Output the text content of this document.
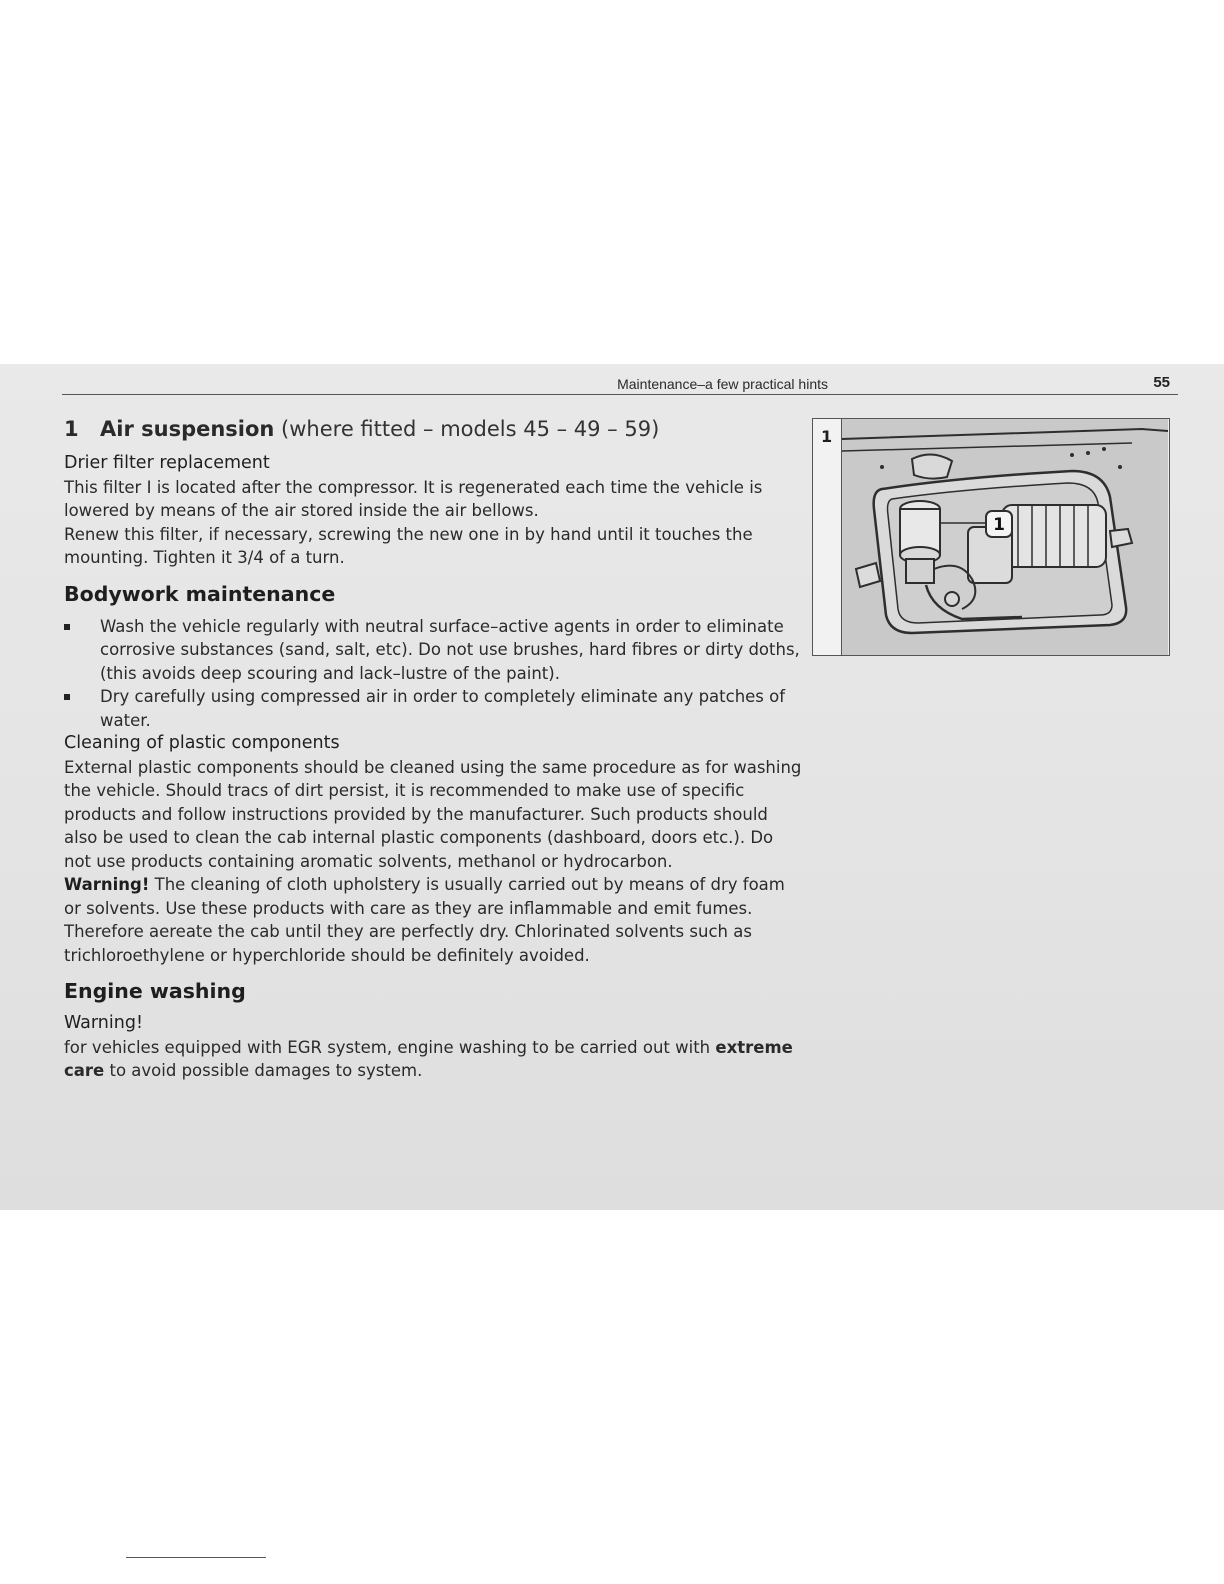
Maintenance–a few practical hints	55
1 Air suspension (where fitted – models 45 – 49 – 59)

Drier filter replacement

This filter I is located after the compressor. It is regenerated each time the vehicle is lowered by means of the air stored inside the air bellows.

Renew this filter, if necessary, screwing the new one in by hand until it touches the mounting. Tighten it 3/4 of a turn.

Bodywork maintenance
Wash the vehicle regularly with neutral surface–active agents in order to eliminate corrosive substances (sand, salt, etc). Do not use brushes, hard fibres or dirty doths, (this avoids deep scouring and lack–lustre of the paint).
Dry carefully using compressed air in order to completely eliminate any patches of water.

Cleaning of plastic components

External plastic components should be cleaned using the same procedure as for washing the vehicle. Should tracs of dirt persist, it is recommended to make use of specific products and follow instructions provided by the manufacturer. Such products should also be used to clean the cab internal plastic components (dashboard, doors etc.). Do not use products containing aromatic solvents, methanol or hydrocarbon.

Warning! The cleaning of cloth upholstery is usually carried out by means of dry foam or solvents. Use these products with care as they are inflammable and emit fumes. Therefore aereate the cab until they are perfectly dry. Chlorinated solvents such as trichloroethylene or hyperchloride should be definitely avoided.

Engine washing

Warning!

for vehicles equipped with EGR system, engine washing to be carried out with extreme care to avoid possible damages to system.

1
1
